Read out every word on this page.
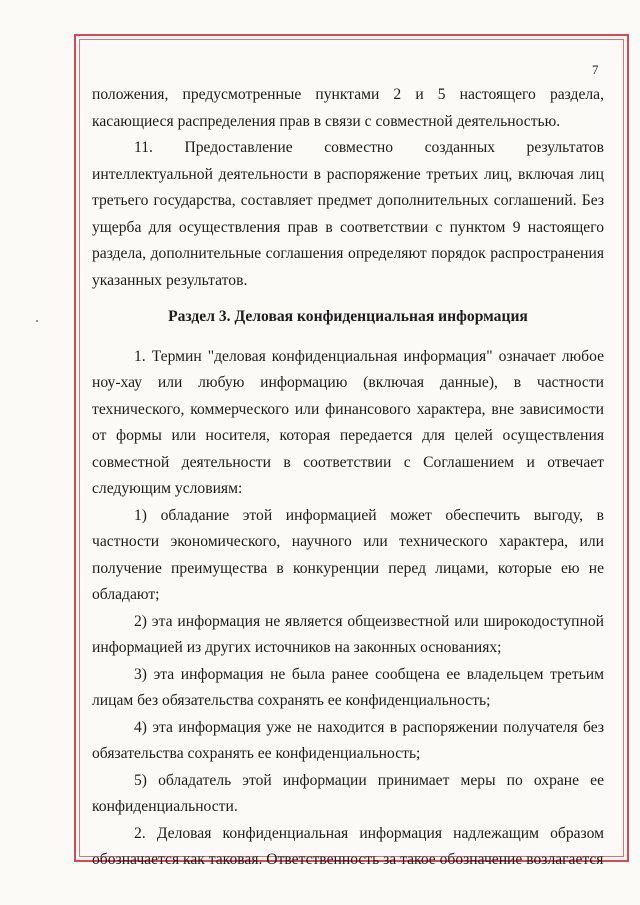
7

положения, предусмотренные пунктами 2 и 5 настоящего раздела, касающиеся распределения прав в связи с совместной деятельностью.

11. Предоставление совместно созданных результатов интеллектуальной деятельности в распоряжение третьих лиц, включая лиц третьего государства, составляет предмет дополнительных соглашений. Без ущерба для осуществления прав в соответствии с пунктом 9 настоящего раздела, дополнительные соглашения определяют порядок распространения указанных результатов.

Раздел 3. Деловая конфиденциальная информация

1. Термин "деловая конфиденциальная информация" означает любое ноу-хау или любую информацию (включая данные), в частности технического, коммерческого или финансового характера, вне зависимости от формы или носителя, которая передается для целей осуществления совместной деятельности в соответствии с Соглашением и отвечает следующим условиям:

1) обладание этой информацией может обеспечить выгоду, в частности экономического, научного или технического характера, или получение преимущества в конкуренции перед лицами, которые ею не обладают;

2) эта информация не является общеизвестной или широкодоступной информацией из других источников на законных основаниях;

3) эта информация не была ранее сообщена ее владельцем третьим лицам без обязательства сохранять ее конфиденциальность;

4) эта информация уже не находится в распоряжении получателя без обязательства сохранять ее конфиденциальность;

5) обладатель этой информации принимает меры по охране ее конфиденциальности.

2. Деловая конфиденциальная информация надлежащим образом обозначается как таковая. Ответственность за такое обозначение возлагается
